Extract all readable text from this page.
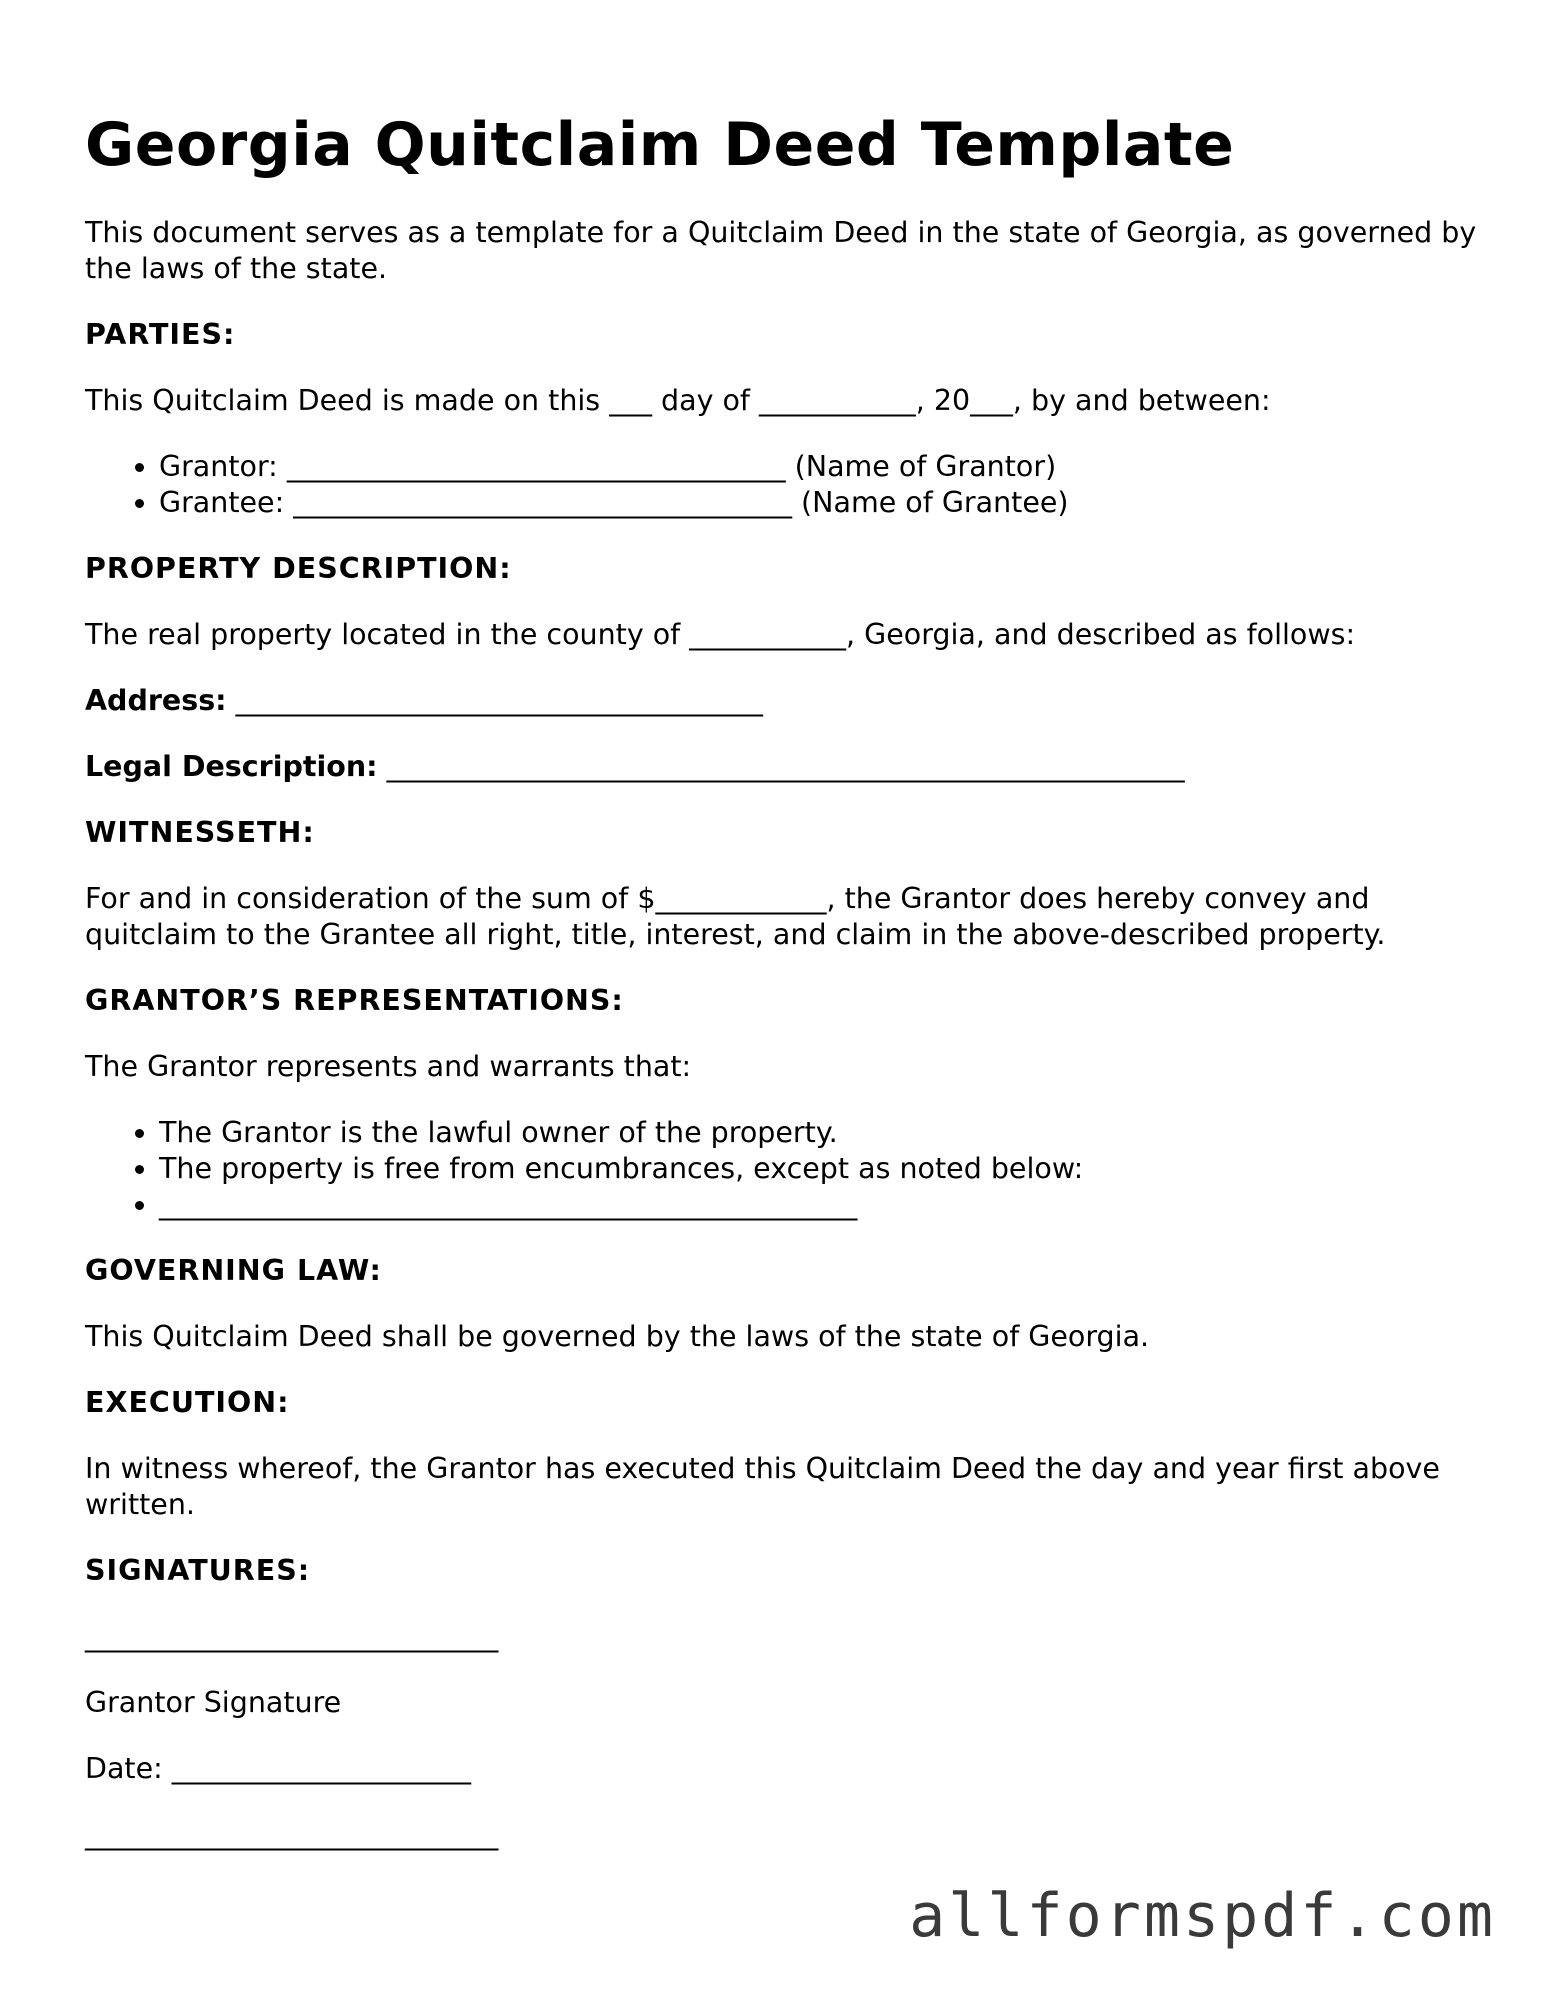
Georgia Quitclaim Deed Template

This document serves as a template for a Quitclaim Deed in the state of Georgia, as governed by the laws of the state.

PARTIES:

This Quitclaim Deed is made on this ___ day of ___________, 20___, by and between:

• Grantor: ___________________________________ (Name of Grantor)
• Grantee: ___________________________________ (Name of Grantee)
PROPERTY DESCRIPTION:

The real property located in the county of ___________, Georgia, and described as follows:

Address: _____________________________________
Legal Description: ________________________________________________________
WITNESSETH:

For and in consideration of the sum of $____________, the Grantor does hereby convey and quitclaim to the Grantee all right, title, interest, and claim in the above-described property.

GRANTOR’S REPRESENTATIONS:

The Grantor represents and warrants that:

• The Grantor is the lawful owner of the property.
• The property is free from encumbrances, except as noted below:
• _________________________________________________
GOVERNING LAW:

This Quitclaim Deed shall be governed by the laws of the state of Georgia.

EXECUTION:

In witness whereof, the Grantor has executed this Quitclaim Deed the day and year first above written.

SIGNATURES:
_____________________________
Grantor Signature
Date: _____________________
_____________________________
allformspdf.com
